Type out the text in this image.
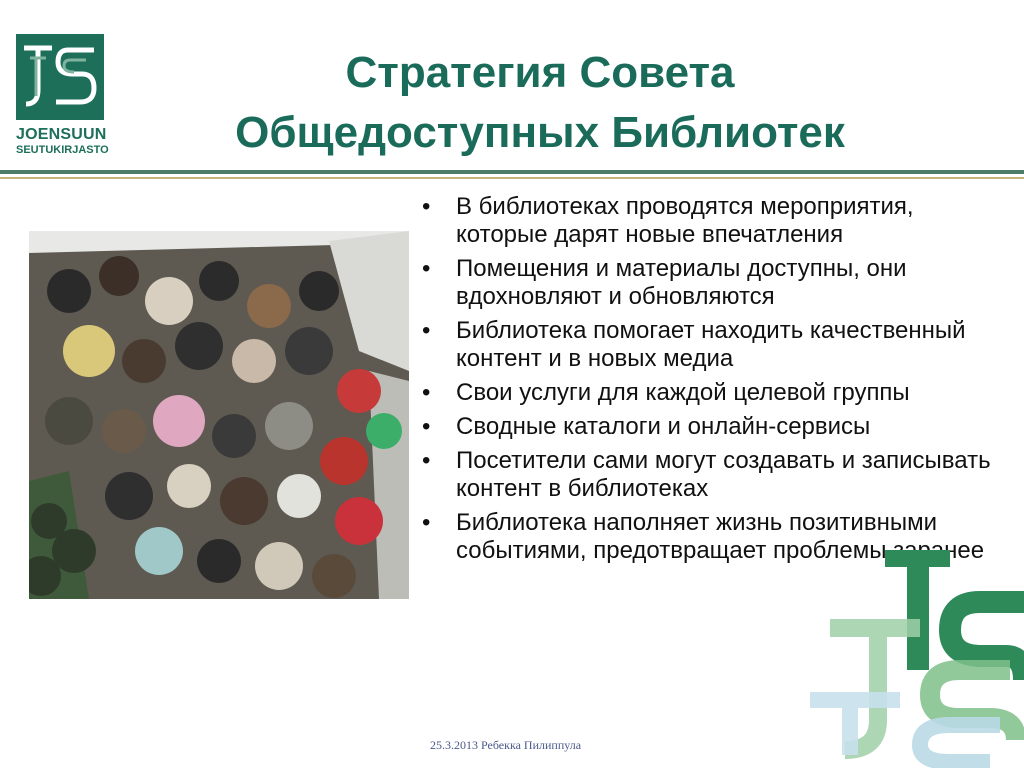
JOENSUUN
SEUTUKIRJASTO
Стратегия Совета
Общедоступных Библиотек
• В библиотеках проводятся мероприятия, которые дарят новые впечатления
• Помещения и материалы доступны, они вдохновляют и обновляются
• Библиотека помогает находить качественный контент и в новых медиа
• Свои услуги для каждой целевой группы
• Сводные каталоги и онлайн-сервисы
• Посетители сами могут создавать и записывать контент в библиотеках
• Библиотека наполняет жизнь позитивными событиями, предотвращает проблемы заранее
25.3.2013 Ребекка Пилиппула
